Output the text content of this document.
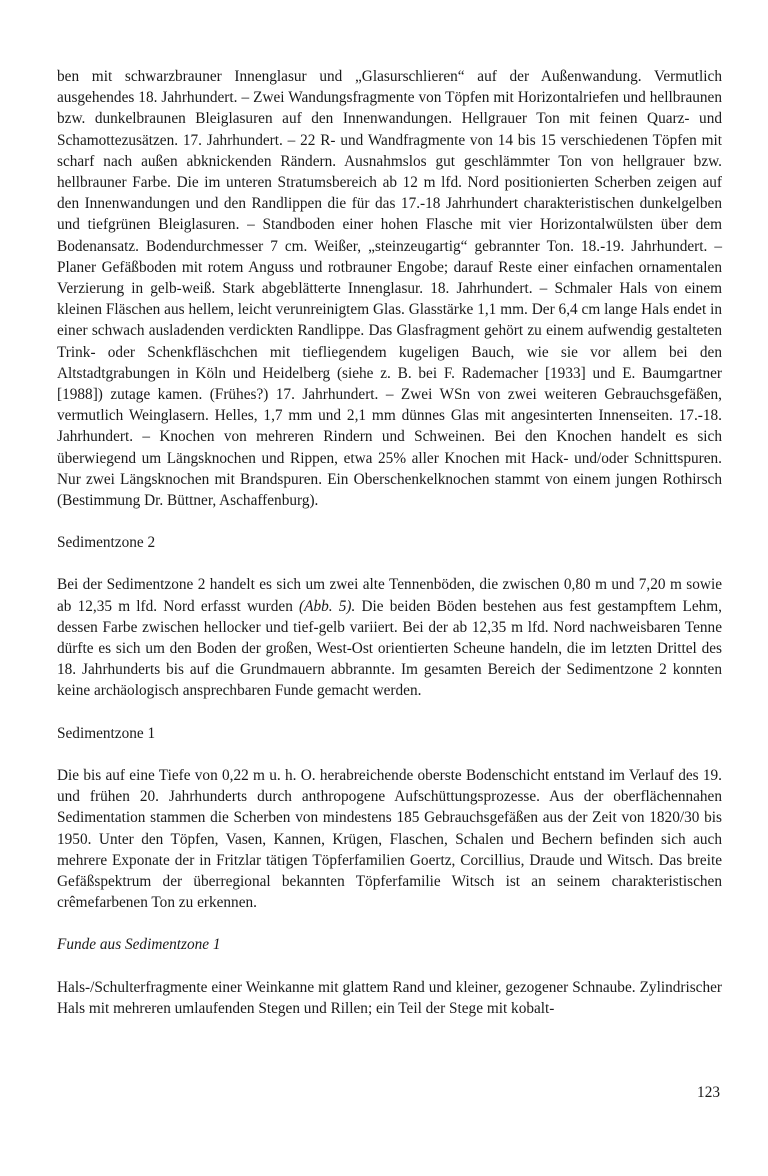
ben mit schwarzbrauner Innenglasur und „Glasurschlieren“ auf der Außenwandung. Vermutlich ausgehendes 18. Jahrhundert. – Zwei Wandungsfragmente von Töpfen mit Horizontalriefen und hellbraunen bzw. dunkelbraunen Bleiglasuren auf den Innenwandungen. Hellgrauer Ton mit feinen Quarz- und Schamottezusätzen. 17. Jahrhundert. – 22 R- und Wandfragmente von 14 bis 15 verschiedenen Töpfen mit scharf nach außen abknickenden Rändern. Ausnahmslos gut geschlämmter Ton von hellgrauer bzw. hellbrauner Farbe. Die im unteren Stratumsbereich ab 12 m lfd. Nord positionierten Scherben zeigen auf den Innenwandungen und den Randlippen die für das 17.-18 Jahrhundert charakteristischen dunkelgelben und tiefgrünen Bleiglasuren. – Standboden einer hohen Flasche mit vier Horizontalwülsten über dem Bodenansatz. Bodendurchmesser 7 cm. Weißer, „steinzeugartig“ gebrannter Ton. 18.-19. Jahrhundert. – Planer Gefäßboden mit rotem Anguss und rotbrauner Engobe; darauf Reste einer einfachen ornamentalen Verzierung in gelb-weiß. Stark abgeblätterte Innenglasur. 18. Jahrhundert. – Schmaler Hals von einem kleinen Fläschen aus hellem, leicht verunreinigtem Glas. Glasstärke 1,1 mm. Der 6,4 cm lange Hals endet in einer schwach ausladenden verdickten Randlippe. Das Glasfragment gehört zu einem aufwendig gestalteten Trink- oder Schenkfläschchen mit tiefliegendem kugeligen Bauch, wie sie vor allem bei den Altstadtgrabungen in Köln und Heidelberg (siehe z. B. bei F. Rademacher [1933] und E. Baumgartner [1988]) zutage kamen. (Frühes?) 17. Jahrhundert. – Zwei WSn von zwei weiteren Gebrauchsgefäßen, vermutlich Weinglasern. Helles, 1,7 mm und 2,1 mm dünnes Glas mit angesinterten Innenseiten. 17.-18. Jahrhundert. – Knochen von mehreren Rindern und Schweinen. Bei den Knochen handelt es sich überwiegend um Längsknochen und Rippen, etwa 25% aller Knochen mit Hack- und/oder Schnittspuren. Nur zwei Längsknochen mit Brandspuren. Ein Oberschenkelknochen stammt von einem jungen Rothirsch (Bestimmung Dr. Büttner, Aschaffenburg).

Sedimentzone 2

Bei der Sedimentzone 2 handelt es sich um zwei alte Tennenböden, die zwischen 0,80 m und 7,20 m sowie ab 12,35 m lfd. Nord erfasst wurden (Abb. 5). Die beiden Böden bestehen aus fest gestampftem Lehm, dessen Farbe zwischen hellocker und tief-gelb variiert. Bei der ab 12,35 m lfd. Nord nachweisbaren Tenne dürfte es sich um den Boden der großen, West-Ost orientierten Scheune handeln, die im letzten Drittel des 18. Jahrhunderts bis auf die Grundmauern abbrannte. Im gesamten Bereich der Sedimentzone 2 konnten keine archäologisch ansprechbaren Funde gemacht werden.

Sedimentzone 1

Die bis auf eine Tiefe von 0,22 m u. h. O. herabreichende oberste Bodenschicht entstand im Verlauf des 19. und frühen 20. Jahrhunderts durch anthropogene Aufschüttungsprozesse. Aus der oberflächennahen Sedimentation stammen die Scherben von mindestens 185 Gebrauchsgefäßen aus der Zeit von 1820/30 bis 1950. Unter den Töpfen, Vasen, Kannen, Krügen, Flaschen, Schalen und Bechern befinden sich auch mehrere Exponate der in Fritzlar tätigen Töpferfamilien Goertz, Corcillius, Draude und Witsch. Das breite Gefäßspektrum der überregional bekannten Töpferfamilie Witsch ist an seinem charakteristischen crêmefarbenen Ton zu erkennen.

Funde aus Sedimentzone 1

Hals-/Schulterfragmente einer Weinkanne mit glattem Rand und kleiner, gezogener Schnaube. Zylindrischer Hals mit mehreren umlaufenden Stegen und Rillen; ein Teil der Stege mit kobalt-

123
